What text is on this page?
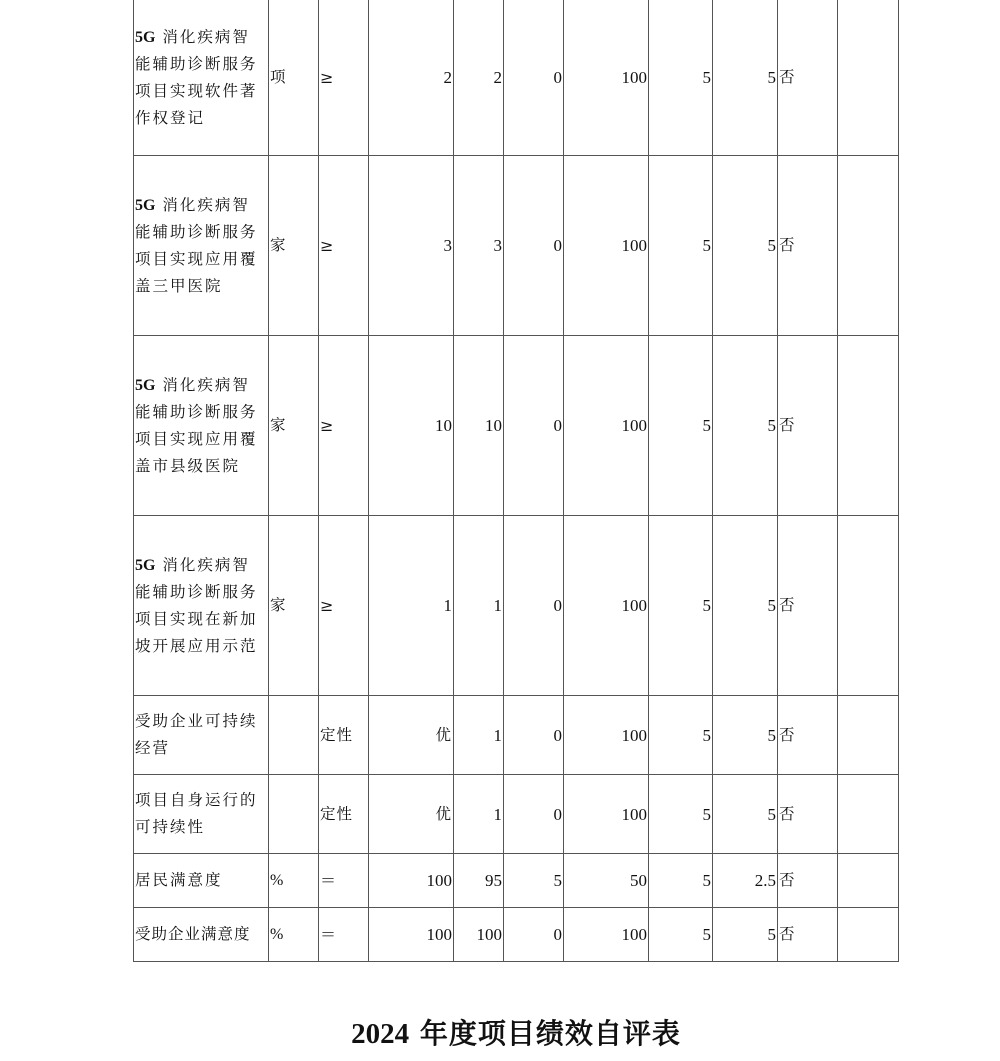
5G 消化疾病智能辅助诊断服务项目实现软件著作权登记	项	≥	2	2	0	100	5	5	否	
5G 消化疾病智能辅助诊断服务项目实现应用覆盖三甲医院	家	≥	3	3	0	100	5	5	否	
5G 消化疾病智能辅助诊断服务项目实现应用覆盖市县级医院	家	≥	10	10	0	100	5	5	否	
5G 消化疾病智能辅助诊断服务项目实现在新加坡开展应用示范	家	≥	1	1	0	100	5	5	否	
受助企业可持续经营		定性	优	1	0	100	5	5	否	
项目自身运行的可持续性		定性	优	1	0	100	5	5	否	
居民满意度	%	＝	100	95	5	50	5	2.5	否	
受助企业满意度	%	＝	100	100	0	100	5	5	否	
2024 年度项目绩效自评表
